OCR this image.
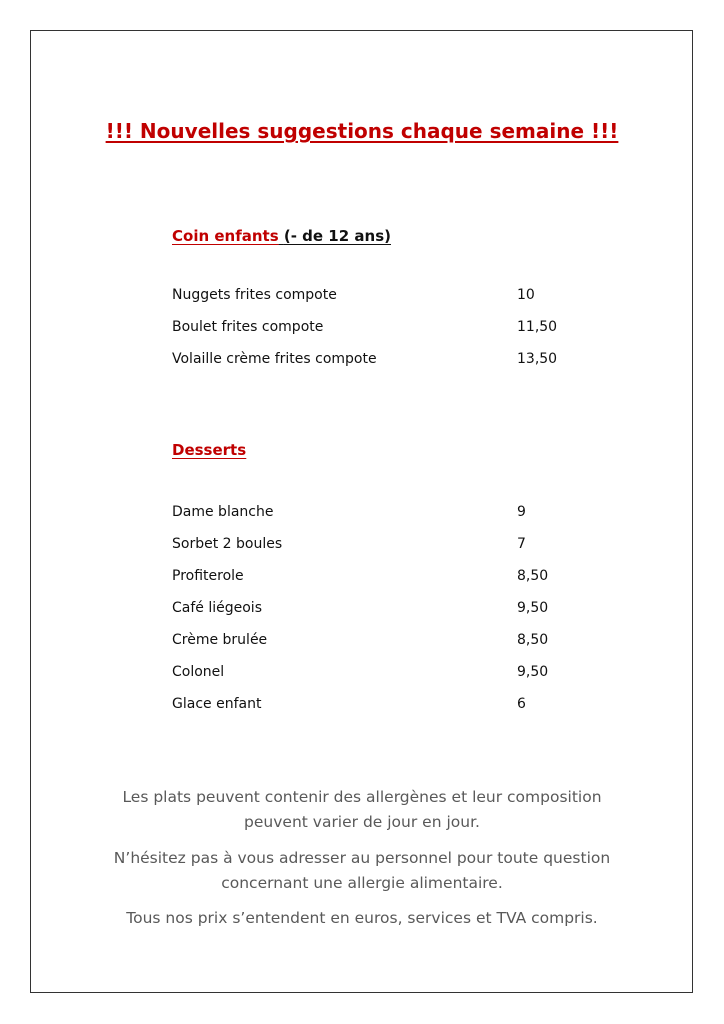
!!! Nouvelles suggestions chaque semaine !!!
Coin enfants (- de 12 ans)
Nuggets frites compote	10
Boulet frites compote	11,50
Volaille crème frites compote	13,50
Desserts
Dame blanche	9
Sorbet 2 boules	7
Profiterole	8,50
Café liégeois	9,50
Crème brulée	8,50
Colonel	9,50
Glace enfant	6
Les plats peuvent contenir des allergènes et leur composition
peuvent varier de jour en jour.
N’hésitez pas à vous adresser au personnel pour toute question
concernant une allergie alimentaire.
Tous nos prix s’entendent en euros, services et TVA compris.
